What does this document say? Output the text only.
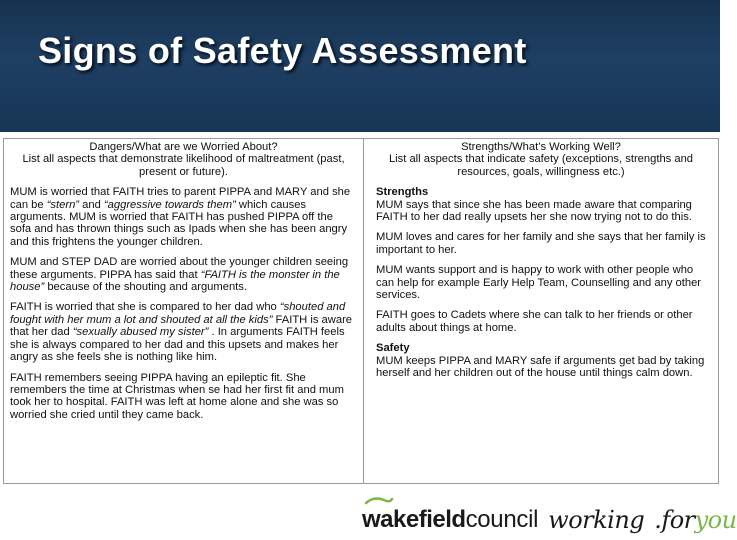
Signs of Safety Assessment
Dangers/What are we Worried About?
List all aspects that demonstrate likelihood of maltreatment (past, present or future).
MUM is worried that FAITH tries to parent PIPPA and MARY and she can be “stern” and “aggressive towards them” which causes arguments. MUM is worried that FAITH has pushed PIPPA off the sofa and has thrown things such as Ipads when she has been angry and this frightens the younger children.
MUM and STEP DAD are worried about the younger children seeing these arguments. PIPPA has said that “FAITH is the monster in the house” because of the shouting and arguments.
FAITH is worried that she is compared to her dad who “shouted and fought with her mum a lot and shouted at all the kids” FAITH is aware that her dad “sexually abused my sister” . In arguments FAITH feels she is always compared to her dad and this upsets and makes her angry as she feels she is nothing like him.
FAITH remembers seeing PIPPA having an epileptic fit. She remembers the time at Christmas when se had her first fit and mum took her to hospital. FAITH was left at home alone and she was so worried she cried until they came back.
Strengths/What’s Working Well?
List all aspects that indicate safety (exceptions, strengths and resources, goals, willingness etc.)
Strengths
MUM says that since she has been made aware that comparing FAITH to her dad really upsets her she now trying not to do this.
MUM loves and cares for her family and she says that her family is important to her.
MUM wants support and is happy to work with other people who can help for example Early Help Team, Counselling and any other services.
FAITH goes to Cadets where she can talk to her friends or other adults about things at home.
Safety
MUM keeps PIPPA and MARY safe if arguments get bad by taking herself and her children out of the house until things calm down.
w akefield council working .for you
